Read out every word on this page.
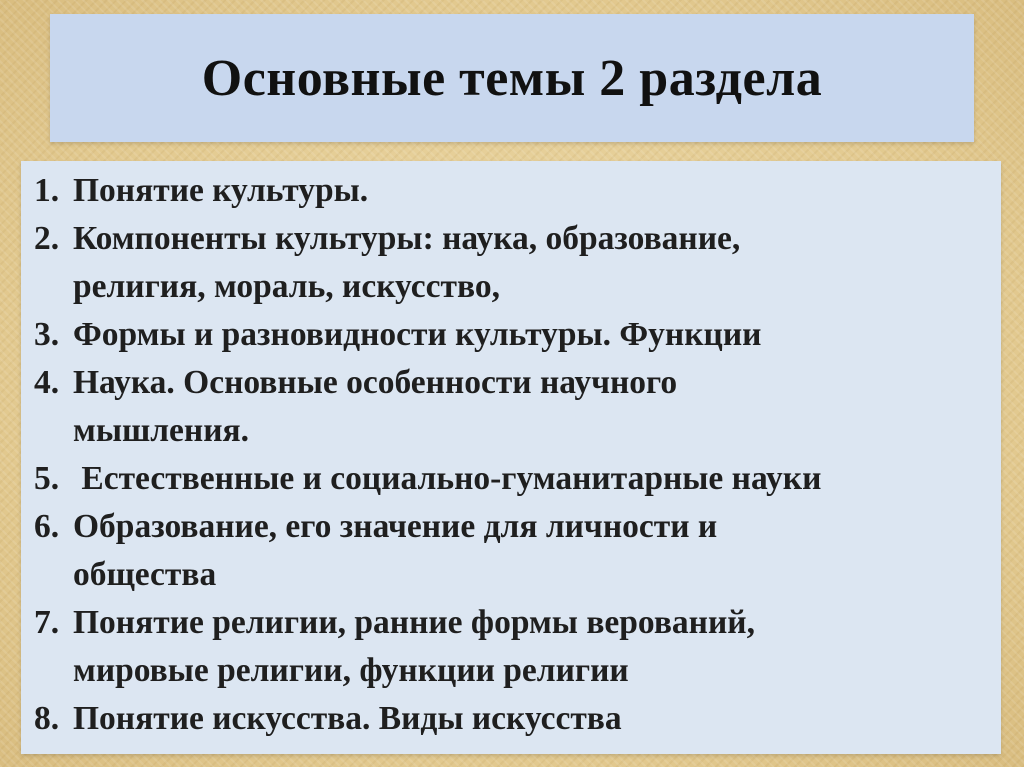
Основные темы 2 раздела
1. Понятие культуры.
2. Компоненты культуры: наука, образование,
религия, мораль, искусство,
3. Формы и разновидности культуры. Функции
4. Наука. Основные особенности научного
мышления.
5. Естественные и социально-гуманитарные науки
6. Образование, его значение для личности и
общества
7. Понятие религии, ранние формы верований,
мировые религии, функции религии
8. Понятие искусства. Виды искусства
